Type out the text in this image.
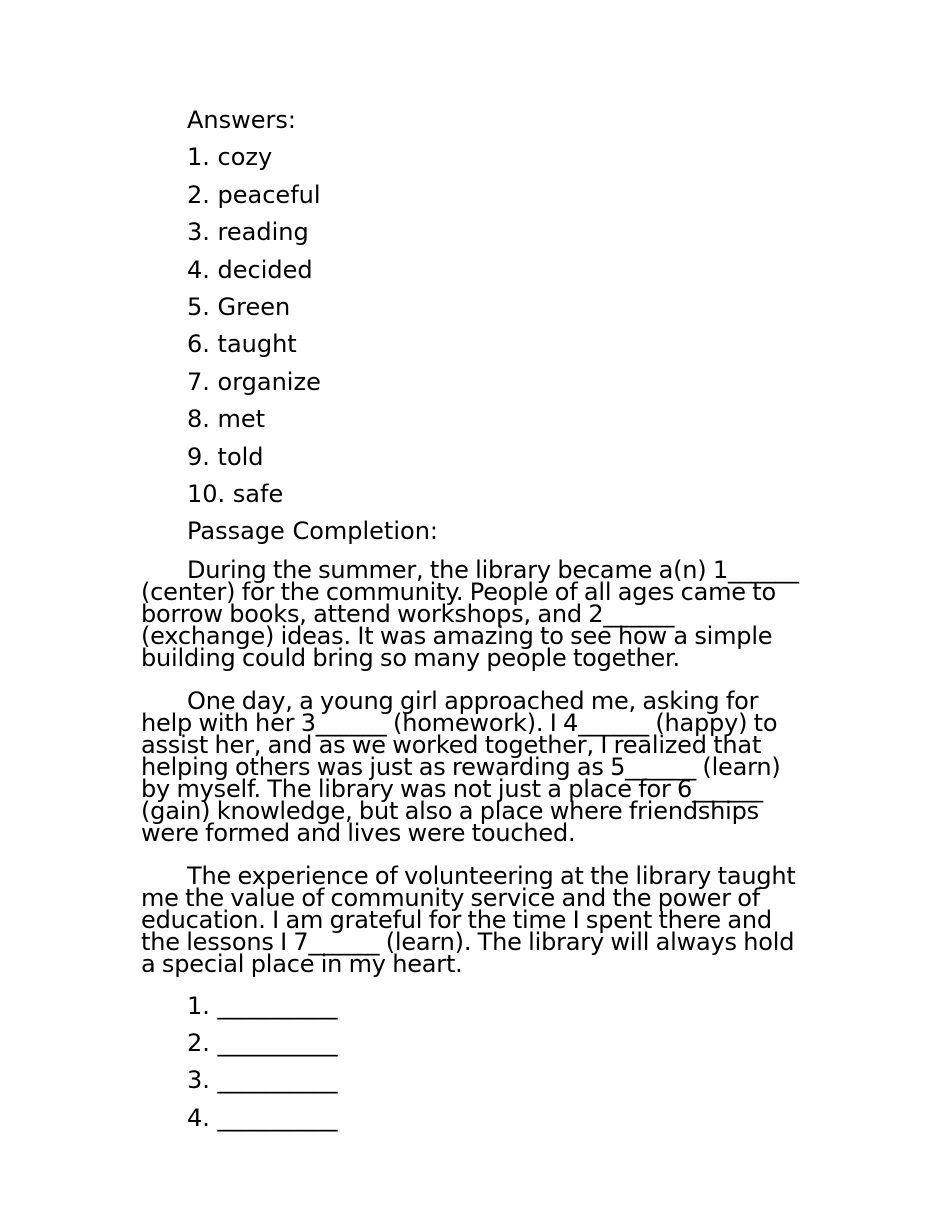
Answers:
1. cozy
2. peaceful
3. reading
4. decided
5. Green
6. taught
7. organize
8. met
9. told
10. safe
Passage Completion:

During the summer, the library became a(n) 1______ (center) for the community. People of all ages came to borrow books, attend workshops, and 2______ (exchange) ideas. It was amazing to see how a simple building could bring so many people together.

One day, a young girl approached me, asking for help with her 3______ (homework). I 4______ (happy) to assist her, and as we worked together, I realized that helping others was just as rewarding as 5______ (learn) by myself. The library was not just a place for 6______ (gain) knowledge, but also a place where friendships were formed and lives were touched.

The experience of volunteering at the library taught me the value of community service and the power of education. I am grateful for the time I spent there and the lessons I 7______ (learn). The library will always hold a special place in my heart.

1. __________
2. __________
3. __________
4. __________
